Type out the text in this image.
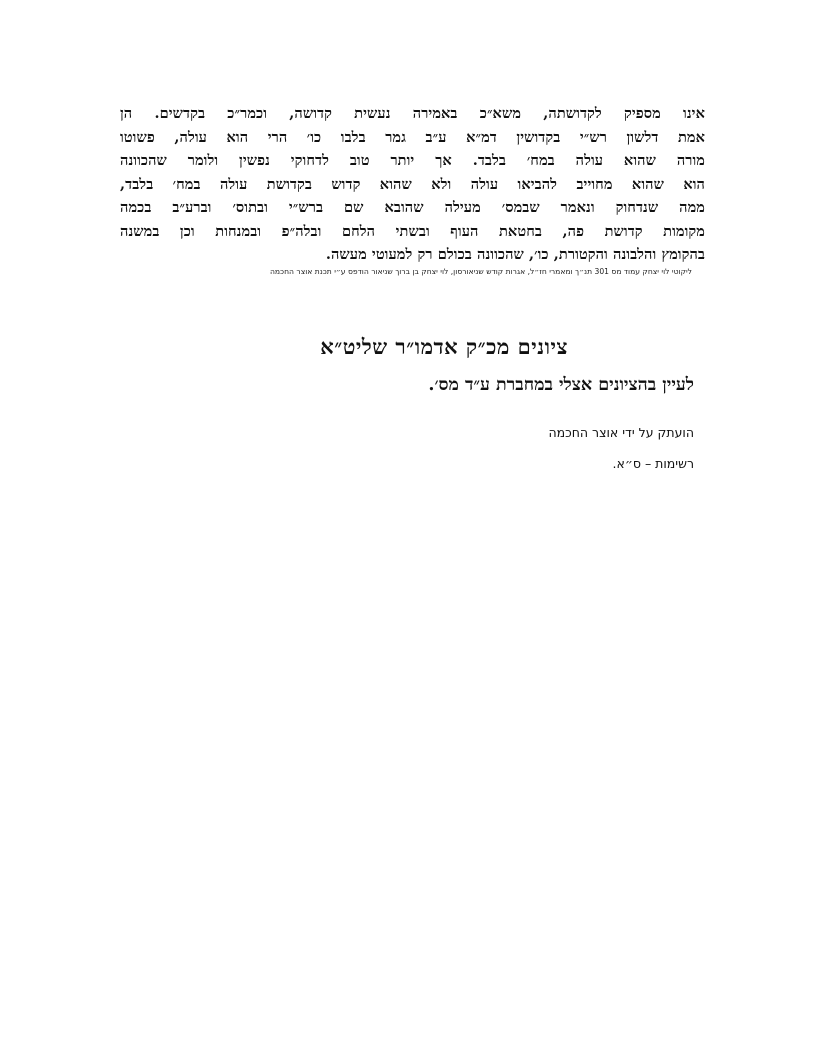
אינו מספיק לקדושתה, משא״כ באמירה נעשית קדושה, וכמר״כ בקדשים. הן
אמת דלשון רש״י בקדושין דמ״א ע״ב גמר בלבו כו׳ הרי הוא עולה, פשוטו
מורה שהוא עולה במח׳ בלבד. אך יותר טוב לדחוקי נפשין ולומר שהכוונה
הוא שהוא מחוייב להביאו עולה ולא שהוא קדוש בקדושת עולה במח׳ בלבד,
ממה שנדחוק ונאמר שבמס׳ מעילה שהובא שם ברש״י ובתוס׳ וברע״ב בכמה
מקומות קדושת פה, בחטאת העוף ובשתי הלחם ובלה״פ ובמנחות וכן במשנה
בהקומץ והלבונה והקטורת, כו׳, שהכוונה בכולם רק למעוטי מעשה.
ליקוטי לוי יצחק עמוד מס 301 תנ״ך ומאמרי חז״ל, אגרות קודש שניאורסון, לוי יצחק בן ברוך שניאור הודפס ע״י תכנת אוצר החכמה
ציונים מכ״ק אדמו״ר שליט״א
לעיין בהציונים אצלי במחברת ע״ד מס׳.
הועתק על ידי אוצר החכמה
רשימות – ס״א.
